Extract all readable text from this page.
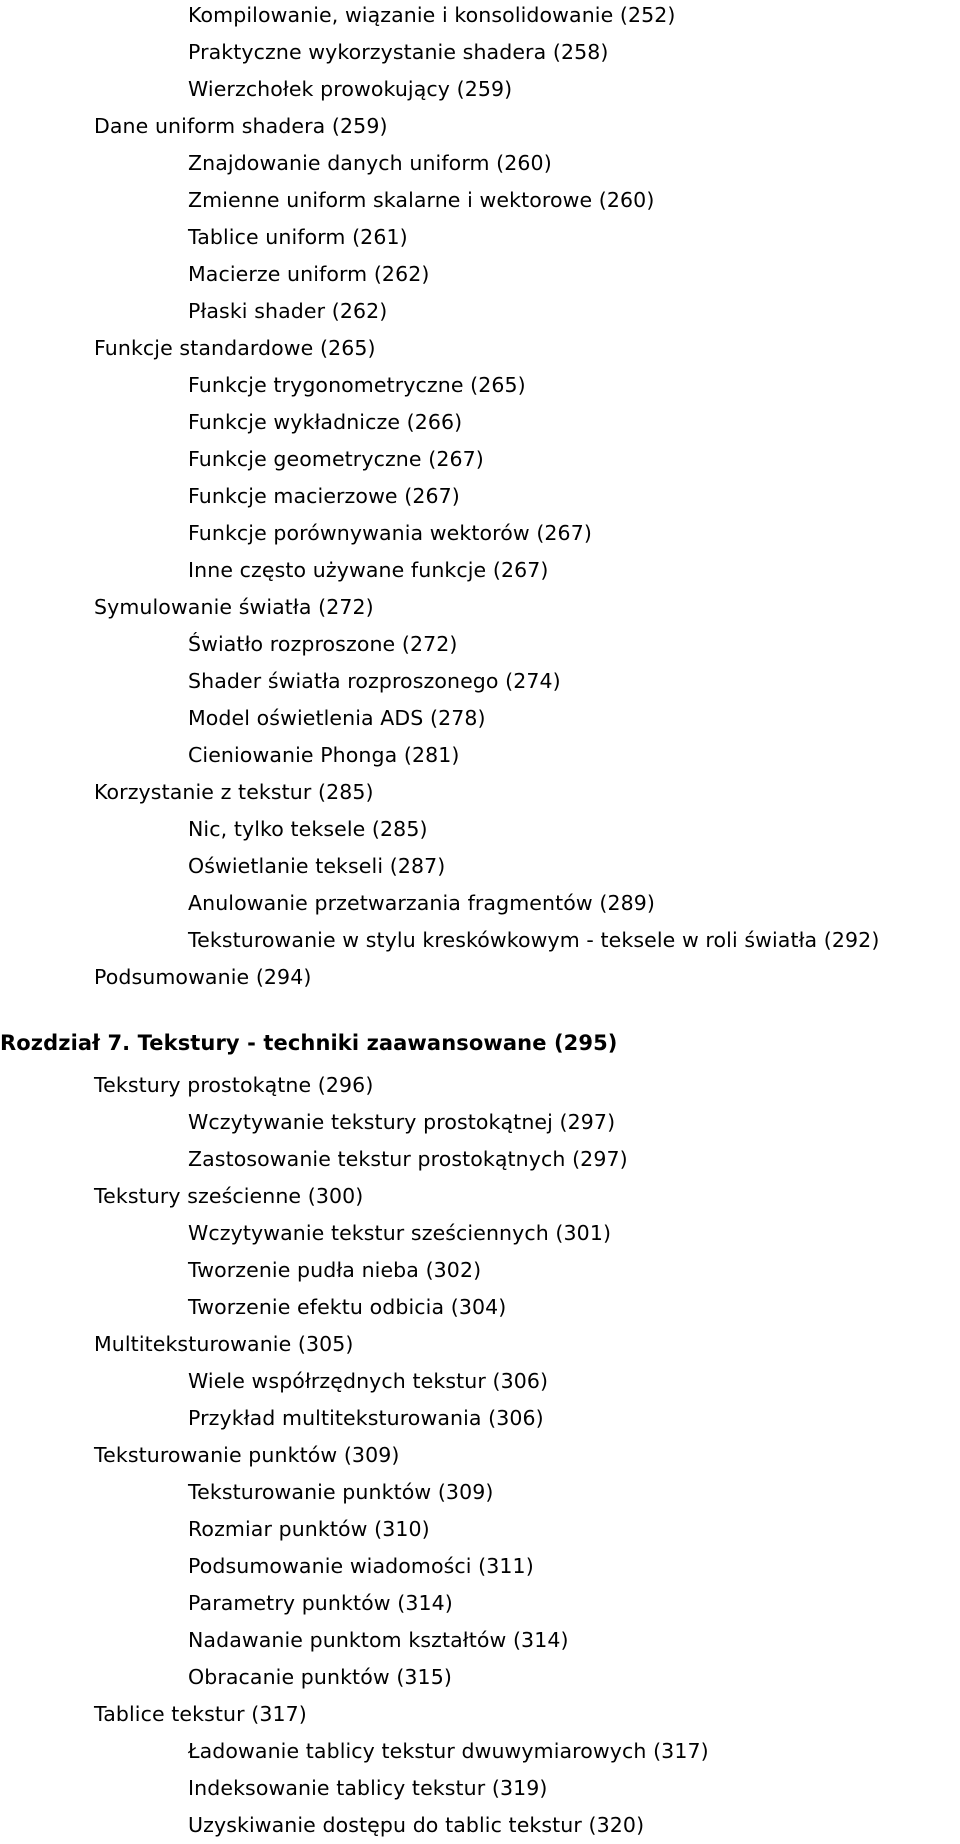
Kompilowanie, wiązanie i konsolidowanie (252)
Praktyczne wykorzystanie shadera (258)
Wierzchołek prowokujący (259)
Dane uniform shadera (259)
Znajdowanie danych uniform (260)
Zmienne uniform skalarne i wektorowe (260)
Tablice uniform (261)
Macierze uniform (262)
Płaski shader (262)
Funkcje standardowe (265)
Funkcje trygonometryczne (265)
Funkcje wykładnicze (266)
Funkcje geometryczne (267)
Funkcje macierzowe (267)
Funkcje porównywania wektorów (267)
Inne często używane funkcje (267)
Symulowanie światła (272)
Światło rozproszone (272)
Shader światła rozproszonego (274)
Model oświetlenia ADS (278)
Cieniowanie Phonga (281)
Korzystanie z tekstur (285)
Nic, tylko teksele (285)
Oświetlanie tekseli (287)
Anulowanie przetwarzania fragmentów (289)
Teksturowanie w stylu kreskówkowym - teksele w roli światła (292)
Podsumowanie (294)
Rozdział 7. Tekstury - techniki zaawansowane (295)
Tekstury prostokątne (296)
Wczytywanie tekstury prostokątnej (297)
Zastosowanie tekstur prostokątnych (297)
Tekstury sześcienne (300)
Wczytywanie tekstur sześciennych (301)
Tworzenie pudła nieba (302)
Tworzenie efektu odbicia (304)
Multiteksturowanie (305)
Wiele współrzędnych tekstur (306)
Przykład multiteksturowania (306)
Teksturowanie punktów (309)
Teksturowanie punktów (309)
Rozmiar punktów (310)
Podsumowanie wiadomości (311)
Parametry punktów (314)
Nadawanie punktom kształtów (314)
Obracanie punktów (315)
Tablice tekstur (317)
Ładowanie tablicy tekstur dwuwymiarowych (317)
Indeksowanie tablicy tekstur (319)
Uzyskiwanie dostępu do tablic tekstur (320)
